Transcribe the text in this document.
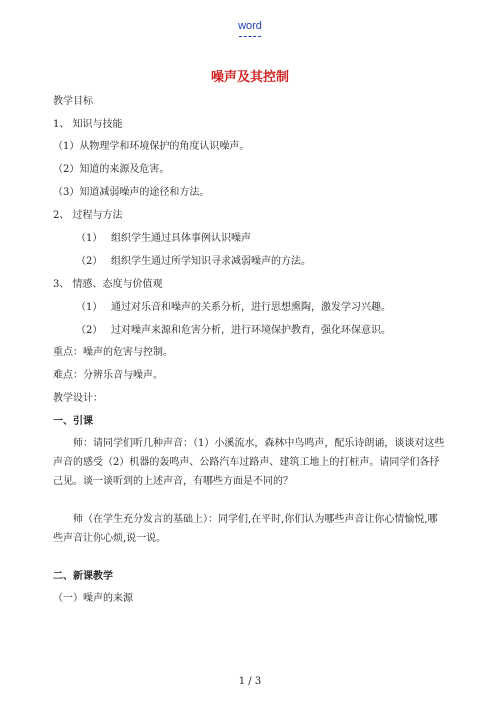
word
噪声及其控制
教学目标
1、 知识与技能
（1）从物理学和环境保护的角度认识噪声。
（2）知道的来源及危害。
（3）知道减弱噪声的途径和方法。
2、 过程与方法
（1） 组织学生通过具体事例认识噪声
（2） 组织学生通过所学知识寻求减弱噪声的方法。
3、 情感、态度与价值观
（1） 通过对乐音和噪声的关系分析，进行思想熏陶，激发学习兴趣。
（2） 过对噪声来源和危害分析，进行环境保护教育，强化环保意识。
重点：噪声的危害与控制。
难点：分辨乐音与噪声。
教学设计：
一、引课
师：请同学们听几种声音：（1）小溪流水，森林中鸟鸣声，配乐诗朗诵，谈谈对这些声音的感受（2）机器的轰鸣声、公路汽车过路声、建筑工地上的打桩声。请同学们各抒己见。谈一谈听到的上述声音，有哪些方面是不同的？
师（在学生充分发言的基础上）：同学们,在平时,你们认为哪些声音让你心情愉悦,哪些声音让你心烦,说一说。
二、新课教学
（一）噪声的来源
1 / 3
